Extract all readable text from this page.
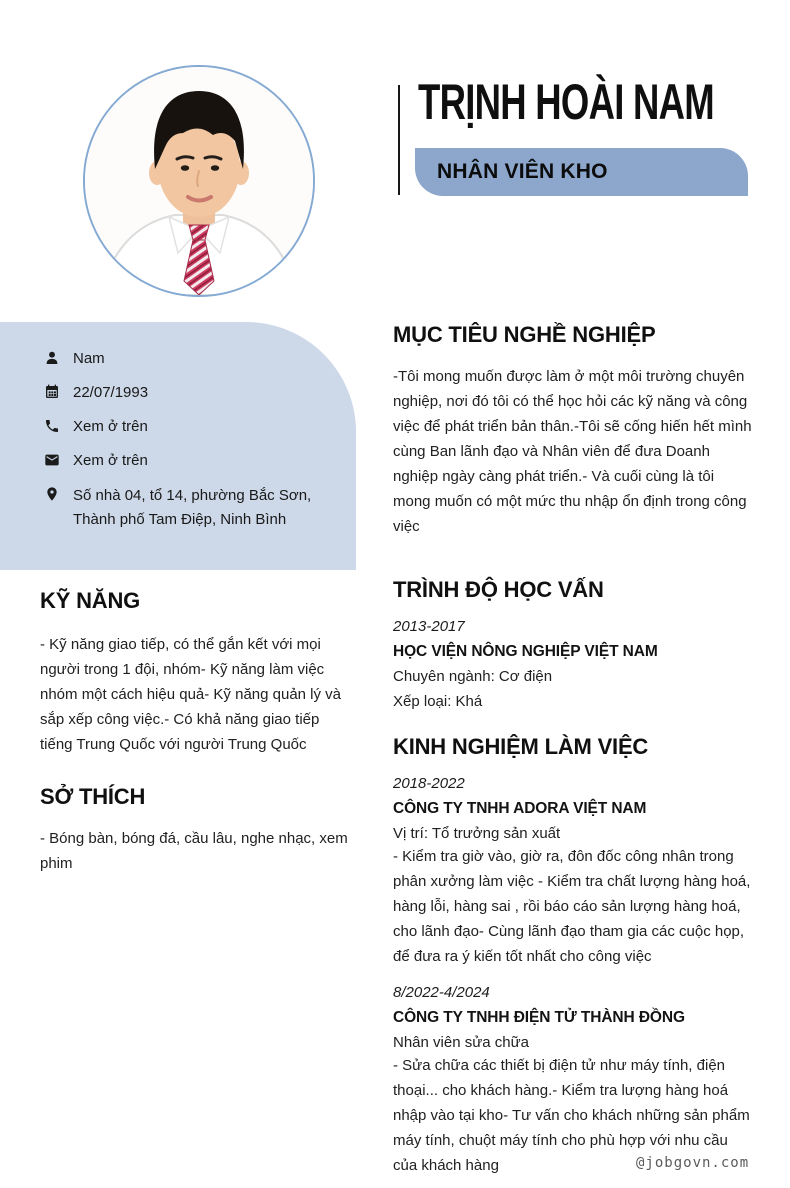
TRỊNH HOÀI NAM

NHÂN VIÊN KHO

Nam
22/07/1993
Xem ở trên
Xem ở trên
Số nhà 04, tổ 14, phường Bắc Sơn, Thành phố Tam Điệp, Ninh Bình
KỸ NĂNG

- Kỹ năng giao tiếp, có thể gắn kết với mọi người trong 1 đội, nhóm- Kỹ năng làm việc nhóm một cách hiệu quả- Kỹ năng quản lý và sắp xếp công việc.- Có khả năng giao tiếp tiếng Trung Quốc với người Trung Quốc

SỞ THÍCH

- Bóng bàn, bóng đá, cầu lâu, nghe nhạc, xem phim

MỤC TIÊU NGHỀ NGHIỆP

-Tôi mong muốn được làm ở một môi trường chuyên nghiệp, nơi đó tôi có thể học hỏi các kỹ năng và công việc để phát triển bản thân.-Tôi sẽ cống hiến hết mình cùng Ban lãnh đạo và Nhân viên để đưa Doanh nghiệp ngày càng phát triển.- Và cuối cùng là tôi mong muốn có một mức thu nhập ổn định trong công việc

TRÌNH ĐỘ HỌC VẤN
2013-2017
HỌC VIỆN NÔNG NGHIỆP VIỆT NAM
Chuyên ngành: Cơ điện
Xếp loại: Khá
KINH NGHIỆM LÀM VIỆC
2018-2022
CÔNG TY TNHH ADORA VIỆT NAM
Vị trí: Tổ trưởng sản xuất

- Kiểm tra giờ vào, giờ ra, đôn đốc công nhân trong phân xưởng làm việc - Kiểm tra chất lượng hàng hoá, hàng lỗi, hàng sai , rồi báo cáo sản lượng hàng hoá, cho lãnh đạo- Cùng lãnh đạo tham gia các cuộc họp, để đưa ra ý kiến tốt nhất cho công việc

8/2022-4/2024
CÔNG TY TNHH ĐIỆN TỬ THÀNH ĐỒNG
Nhân viên sửa chữa

- Sửa chữa các thiết bị điện tử như máy tính, điện thoại... cho khách hàng.- Kiểm tra lượng hàng hoá nhập vào tại kho- Tư vấn cho khách những sản phẩm máy tính, chuột máy tính cho phù hợp với nhu cầu của khách hàng	@jobgovn.com
